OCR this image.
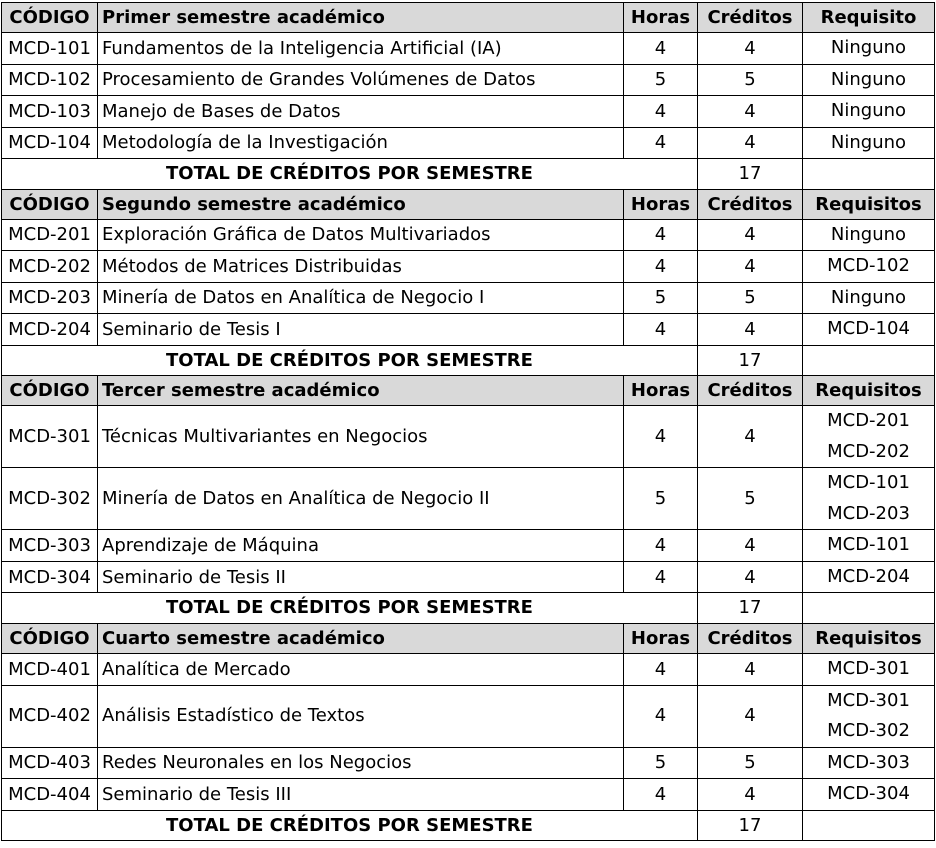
CÓDIGO	Primer semestre académico	Horas	Créditos	Requisito
MCD-101	Fundamentos de la Inteligencia Artificial (IA)	4	4	Ninguno

MCD-102	Procesamiento de Grandes Volúmenes de Datos	5	5	Ninguno

MCD-103	Manejo de Bases de Datos	4	4	Ninguno

MCD-104	Metodología de la Investigación	4	4	Ninguno

TOTAL DE CRÉDITOS POR SEMESTRE			17	
CÓDIGO	Segundo semestre académico	Horas	Créditos	Requisitos
MCD-201	Exploración Gráfica de Datos Multivariados	4	4	Ninguno

MCD-202	Métodos de Matrices Distribuidas	4	4	MCD-102

MCD-203	Minería de Datos en Analítica de Negocio I	5	5	Ninguno

MCD-204	Seminario de Tesis I	4	4	MCD-104

TOTAL DE CRÉDITOS POR SEMESTRE			17	
CÓDIGO	Tercer semestre académico	Horas	Créditos	Requisitos
MCD-301	Técnicas Multivariantes en Negocios	4	4	MCD-201
MCD-202

MCD-302	Minería de Datos en Analítica de Negocio II	5	5	MCD-101
MCD-203

MCD-303	Aprendizaje de Máquina	4	4	MCD-101

MCD-304	Seminario de Tesis II	4	4	MCD-204

TOTAL DE CRÉDITOS POR SEMESTRE			17	
CÓDIGO	Cuarto semestre académico	Horas	Créditos	Requisitos
MCD-401	Analítica de Mercado	4	4	MCD-301

MCD-402	Análisis Estadístico de Textos	4	4	MCD-301
MCD-302

MCD-403	Redes Neuronales en los Negocios	5	5	MCD-303

MCD-404	Seminario de Tesis III	4	4	MCD-304

TOTAL DE CRÉDITOS POR SEMESTRE			17	
